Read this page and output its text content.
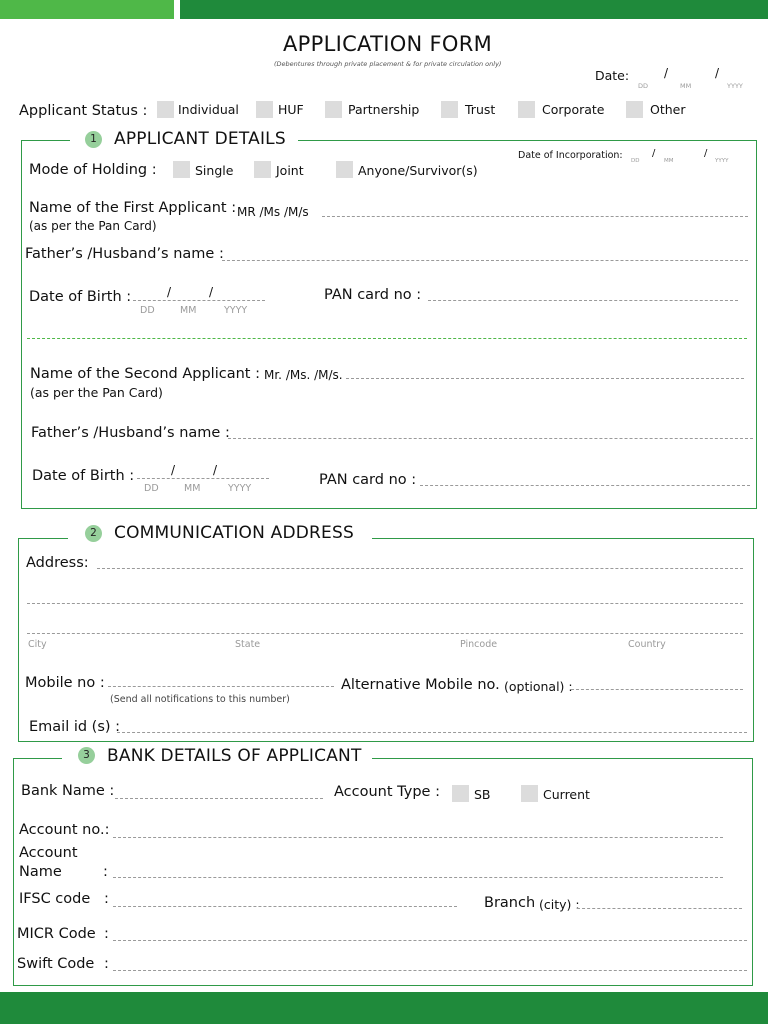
APPLICATION FORM
(Debentures through private placement & for private circulation only)
Date:	/	/
DD	MM	YYYY
Applicant Status : Individual	HUF	Partnership	Trust	Corporate	Other
1	APPLICANT DETAILS
Mode of Holding :	Single	Joint	Anyone/Survivor(s)
Date of Incorporation:	/	/
DD	MM	YYYY
Name of the First Applicant : MR /Ms /M/s
(as per the Pan Card)
Father’s /Husband’s name :
Date of Birth :	/	/
DD	MM	YYYY
PAN card no :
Name of the Second Applicant : Mr. /Ms. /M/s.
(as per the Pan Card)
Father’s /Husband’s name :
Date of Birth :	/	/
DD	MM	YYYY
PAN card no :
2	COMMUNICATION ADDRESS
Address:
City	State	Pincode	Country
Mobile no :
(Send all notifications to this number)
Alternative Mobile no. (optional) :
Email id (s) :
3	BANK DETAILS OF APPLICANT
Bank Name :	Account Type :	SB	Current
Account no.:
Account
Name	:
IFSC code :	Branch (city) :
MICR Code :
Swift Code :
